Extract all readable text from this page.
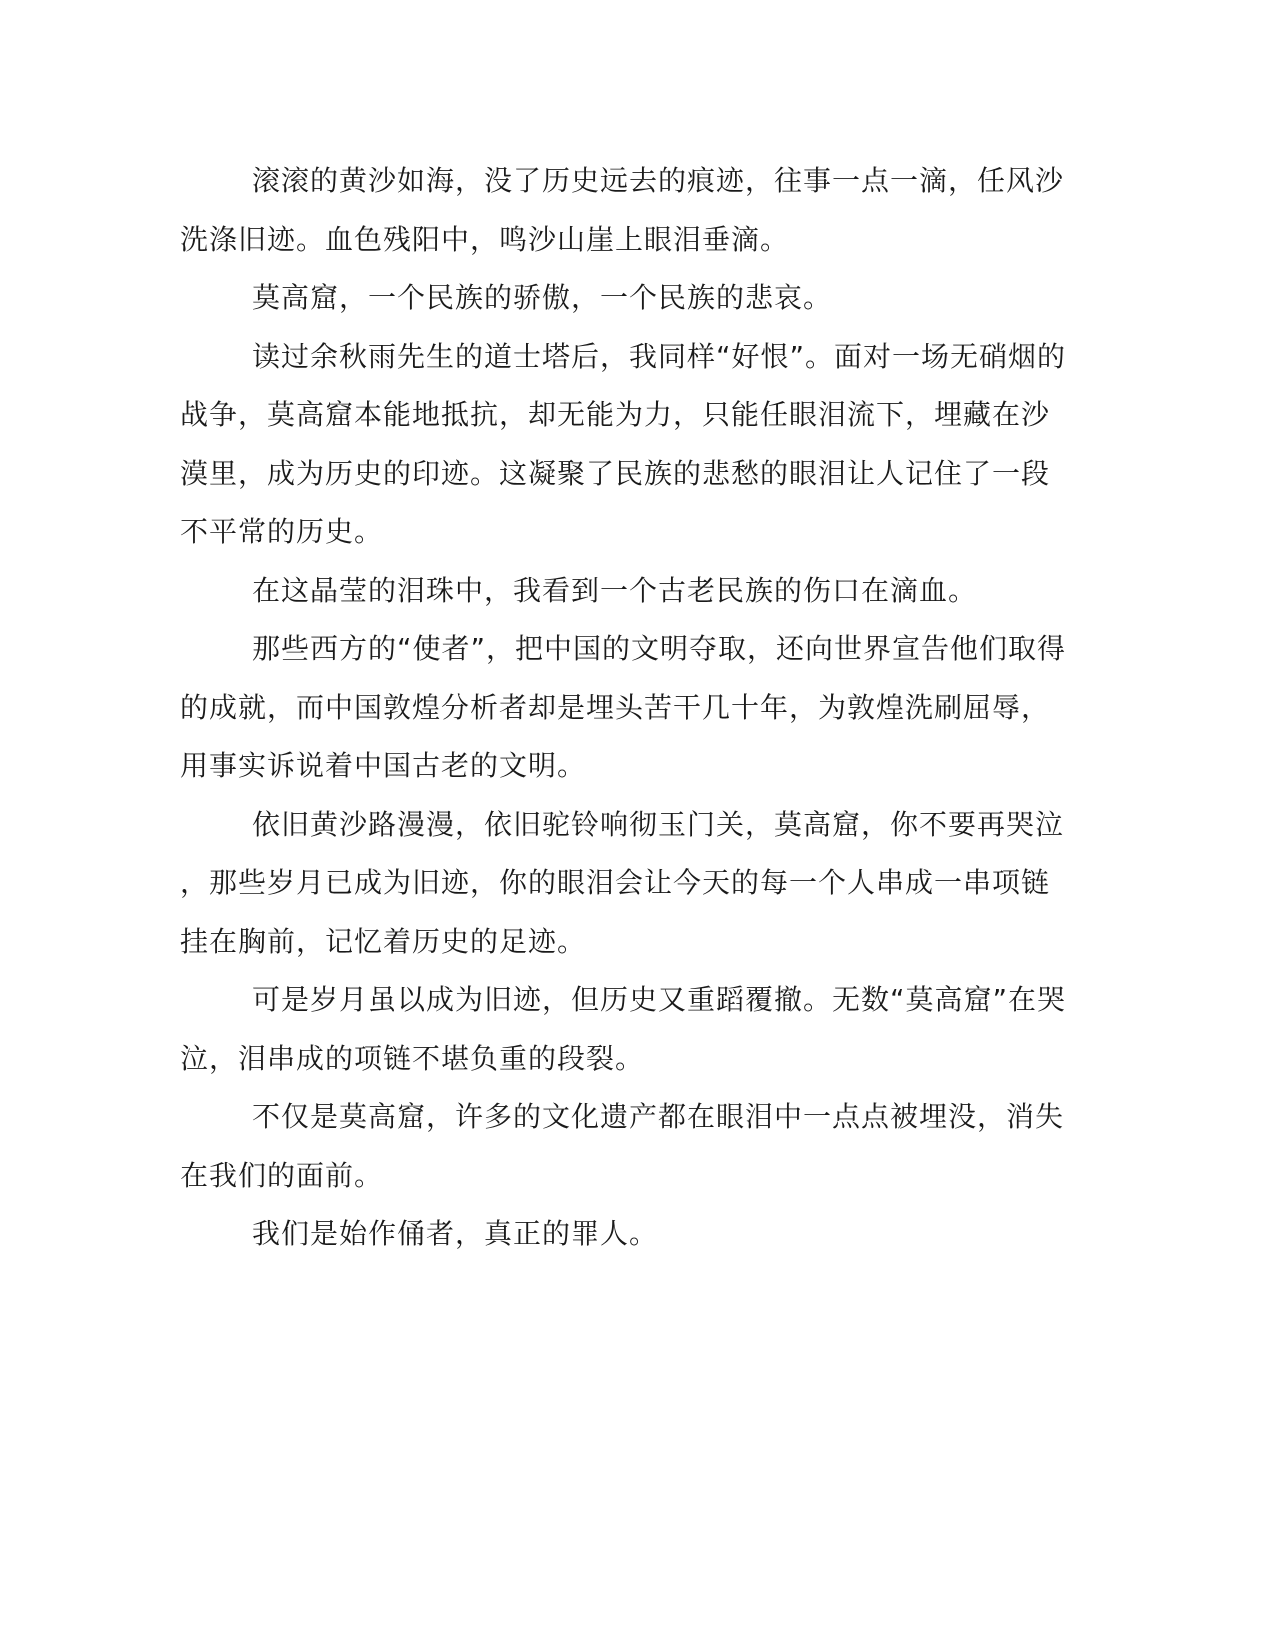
滚滚的黄沙如海，没了历史远去的痕迹，往事一点一滴，任风沙
洗涤旧迹。血色残阳中，鸣沙山崖上眼泪垂滴。

莫高窟，一个民族的骄傲，一个民族的悲哀。

读过余秋雨先生的道士塔后，我同样“好恨”。面对一场无硝烟的
战争，莫高窟本能地抵抗，却无能为力，只能任眼泪流下，埋藏在沙
漠里，成为历史的印迹。这凝聚了民族的悲愁的眼泪让人记住了一段
不平常的历史。

在这晶莹的泪珠中，我看到一个古老民族的伤口在滴血。

那些西方的“使者”，把中国的文明夺取，还向世界宣告他们取得
的成就，而中国敦煌分析者却是埋头苦干几十年，为敦煌洗刷屈辱，
用事实诉说着中国古老的文明。

依旧黄沙路漫漫，依旧驼铃响彻玉门关，莫高窟，你不要再哭泣
，那些岁月已成为旧迹，你的眼泪会让今天的每一个人串成一串项链
挂在胸前，记忆着历史的足迹。

可是岁月虽以成为旧迹，但历史又重蹈覆撤。无数“莫高窟”在哭
泣，泪串成的项链不堪负重的段裂。

不仅是莫高窟，许多的文化遗产都在眼泪中一点点被埋没，消失
在我们的面前。

我们是始作俑者，真正的罪人。
